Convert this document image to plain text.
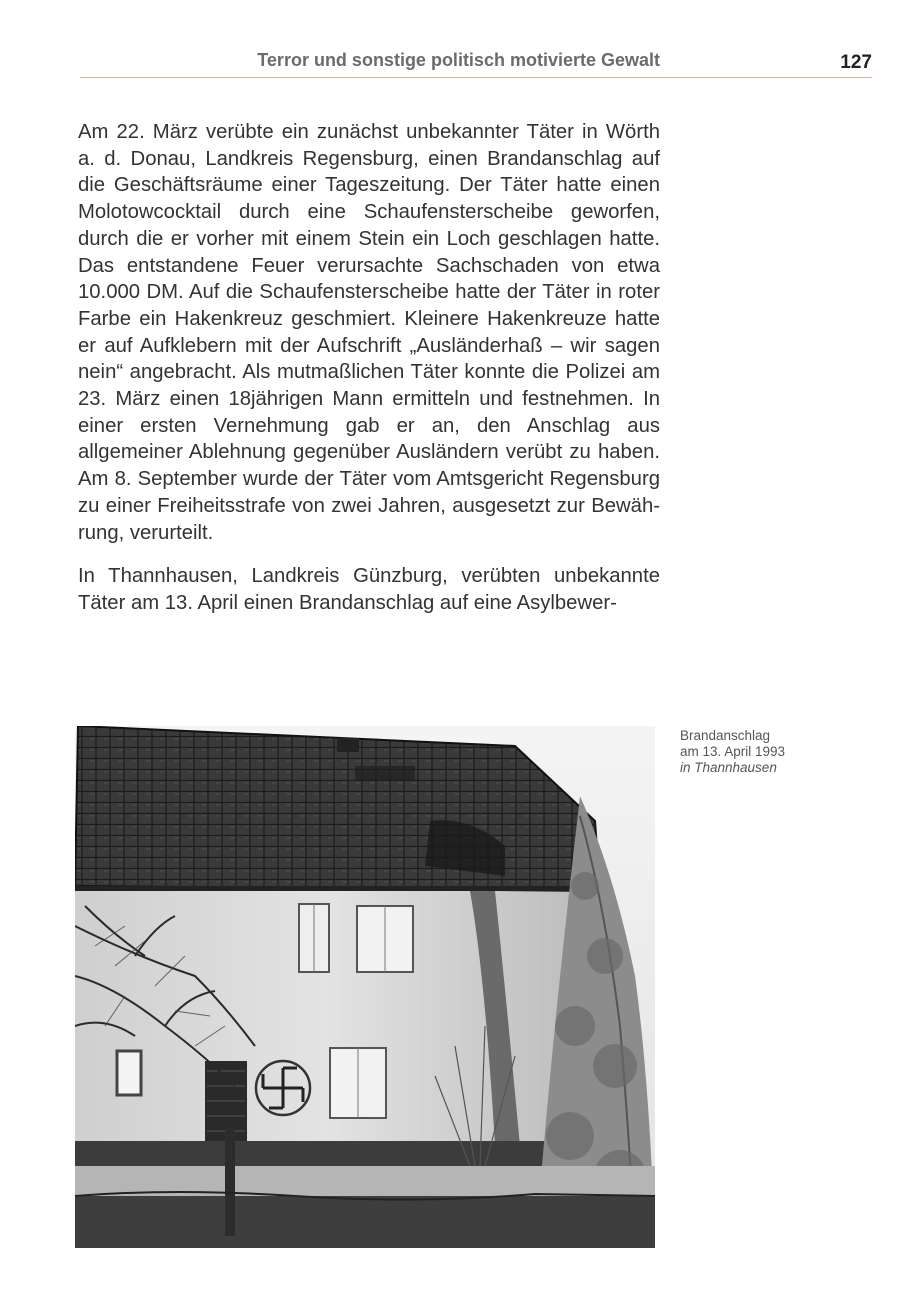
Terror und sonstige politisch motivierte Gewalt	127

Am 22. März verübte ein zunächst unbekannter Täter in Wörth a. d. Donau, Landkreis Regensburg, einen Brandanschlag auf die Geschäftsräume einer Tageszeitung. Der Täter hatte einen Molotowcocktail durch eine Schaufensterscheibe geworfen, durch die er vorher mit einem Stein ein Loch geschlagen hatte. Das entstandene Feuer verursachte Sachschaden von etwa 10.000 DM. Auf die Schaufensterscheibe hatte der Täter in roter Farbe ein Hakenkreuz geschmiert. Kleinere Hakenkreuze hatte er auf Aufklebern mit der Aufschrift „Ausländerhaß – wir sagen nein“ angebracht. Als mutmaßlichen Täter konnte die Polizei am 23. März einen 18jährigen Mann ermitteln und festnehmen. In einer ersten Vernehmung gab er an, den Anschlag aus allgemeiner Ablehnung gegenüber Ausländern verübt zu haben. Am 8. September wurde der Täter vom Amtsgericht Regensburg zu einer Freiheitsstrafe von zwei Jahren, ausgesetzt zur Bewährung, verurteilt.

In Thannhausen, Landkreis Günzburg, verübten unbekannte Täter am 13. April einen Brandanschlag auf eine Asylbewer-

Brandanschlag
am 13. April 1993
in Thannhausen
